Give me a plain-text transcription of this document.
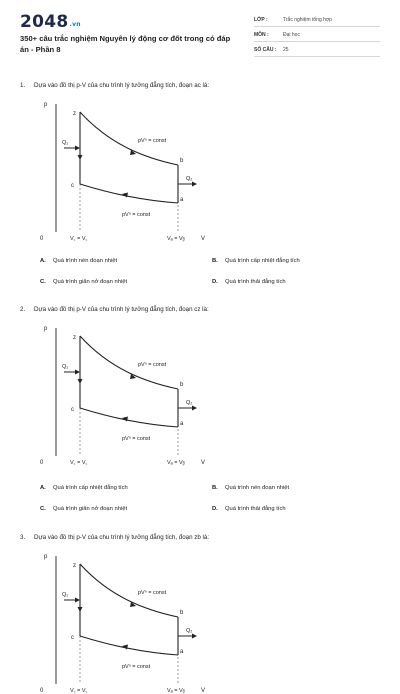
2048.vn
350+ câu trắc nghiệm Nguyên lý động cơ đốt trong có đáp án - Phần 8
LỚP :	Trắc nghiệm tổng hợp
MÔN :	Đại học
SỐ CÂU : 25
1. Dựa vào đồ thị p-V của chu trình lý tưởng đẳng tích, đoạn ac là:
p
0	V
Q₁
Q₂
z
c
b
a
pVⁿ = const
pVⁿ = const
V꜀ = V꜀	Vₐ = Vᵦ
A. Quá trình nén đoạn nhiệt	B. Quá trình cấp nhiệt đẳng tích
C. Quá trình giãn nở đoạn nhiệt	D. Quá trình thải đẳng tích
2. Dựa vào đồ thị p-V của chu trình lý tưởng đẳng tích, đoạn cz là:
p
0	V
Q₁
Q₂
z
c
b
a
pVⁿ = const
pVⁿ = const
V꜀ = V꜀	Vₐ = Vᵦ
A. Quá trình cấp nhiệt đẳng tích	B. Quá trình nén đoạn nhiệt
C. Quá trình giãn nở đoạn nhiệt	D. Quá trình thải đẳng tích
3. Dựa vào đồ thị p-V của chu trình lý tưởng đẳng tích, đoạn zb là:
p
0	V
Q₁
Q₂
z
c
b
a
pVⁿ = const
pVⁿ = const
V꜀ = V꜀	Vₐ = Vᵦ
